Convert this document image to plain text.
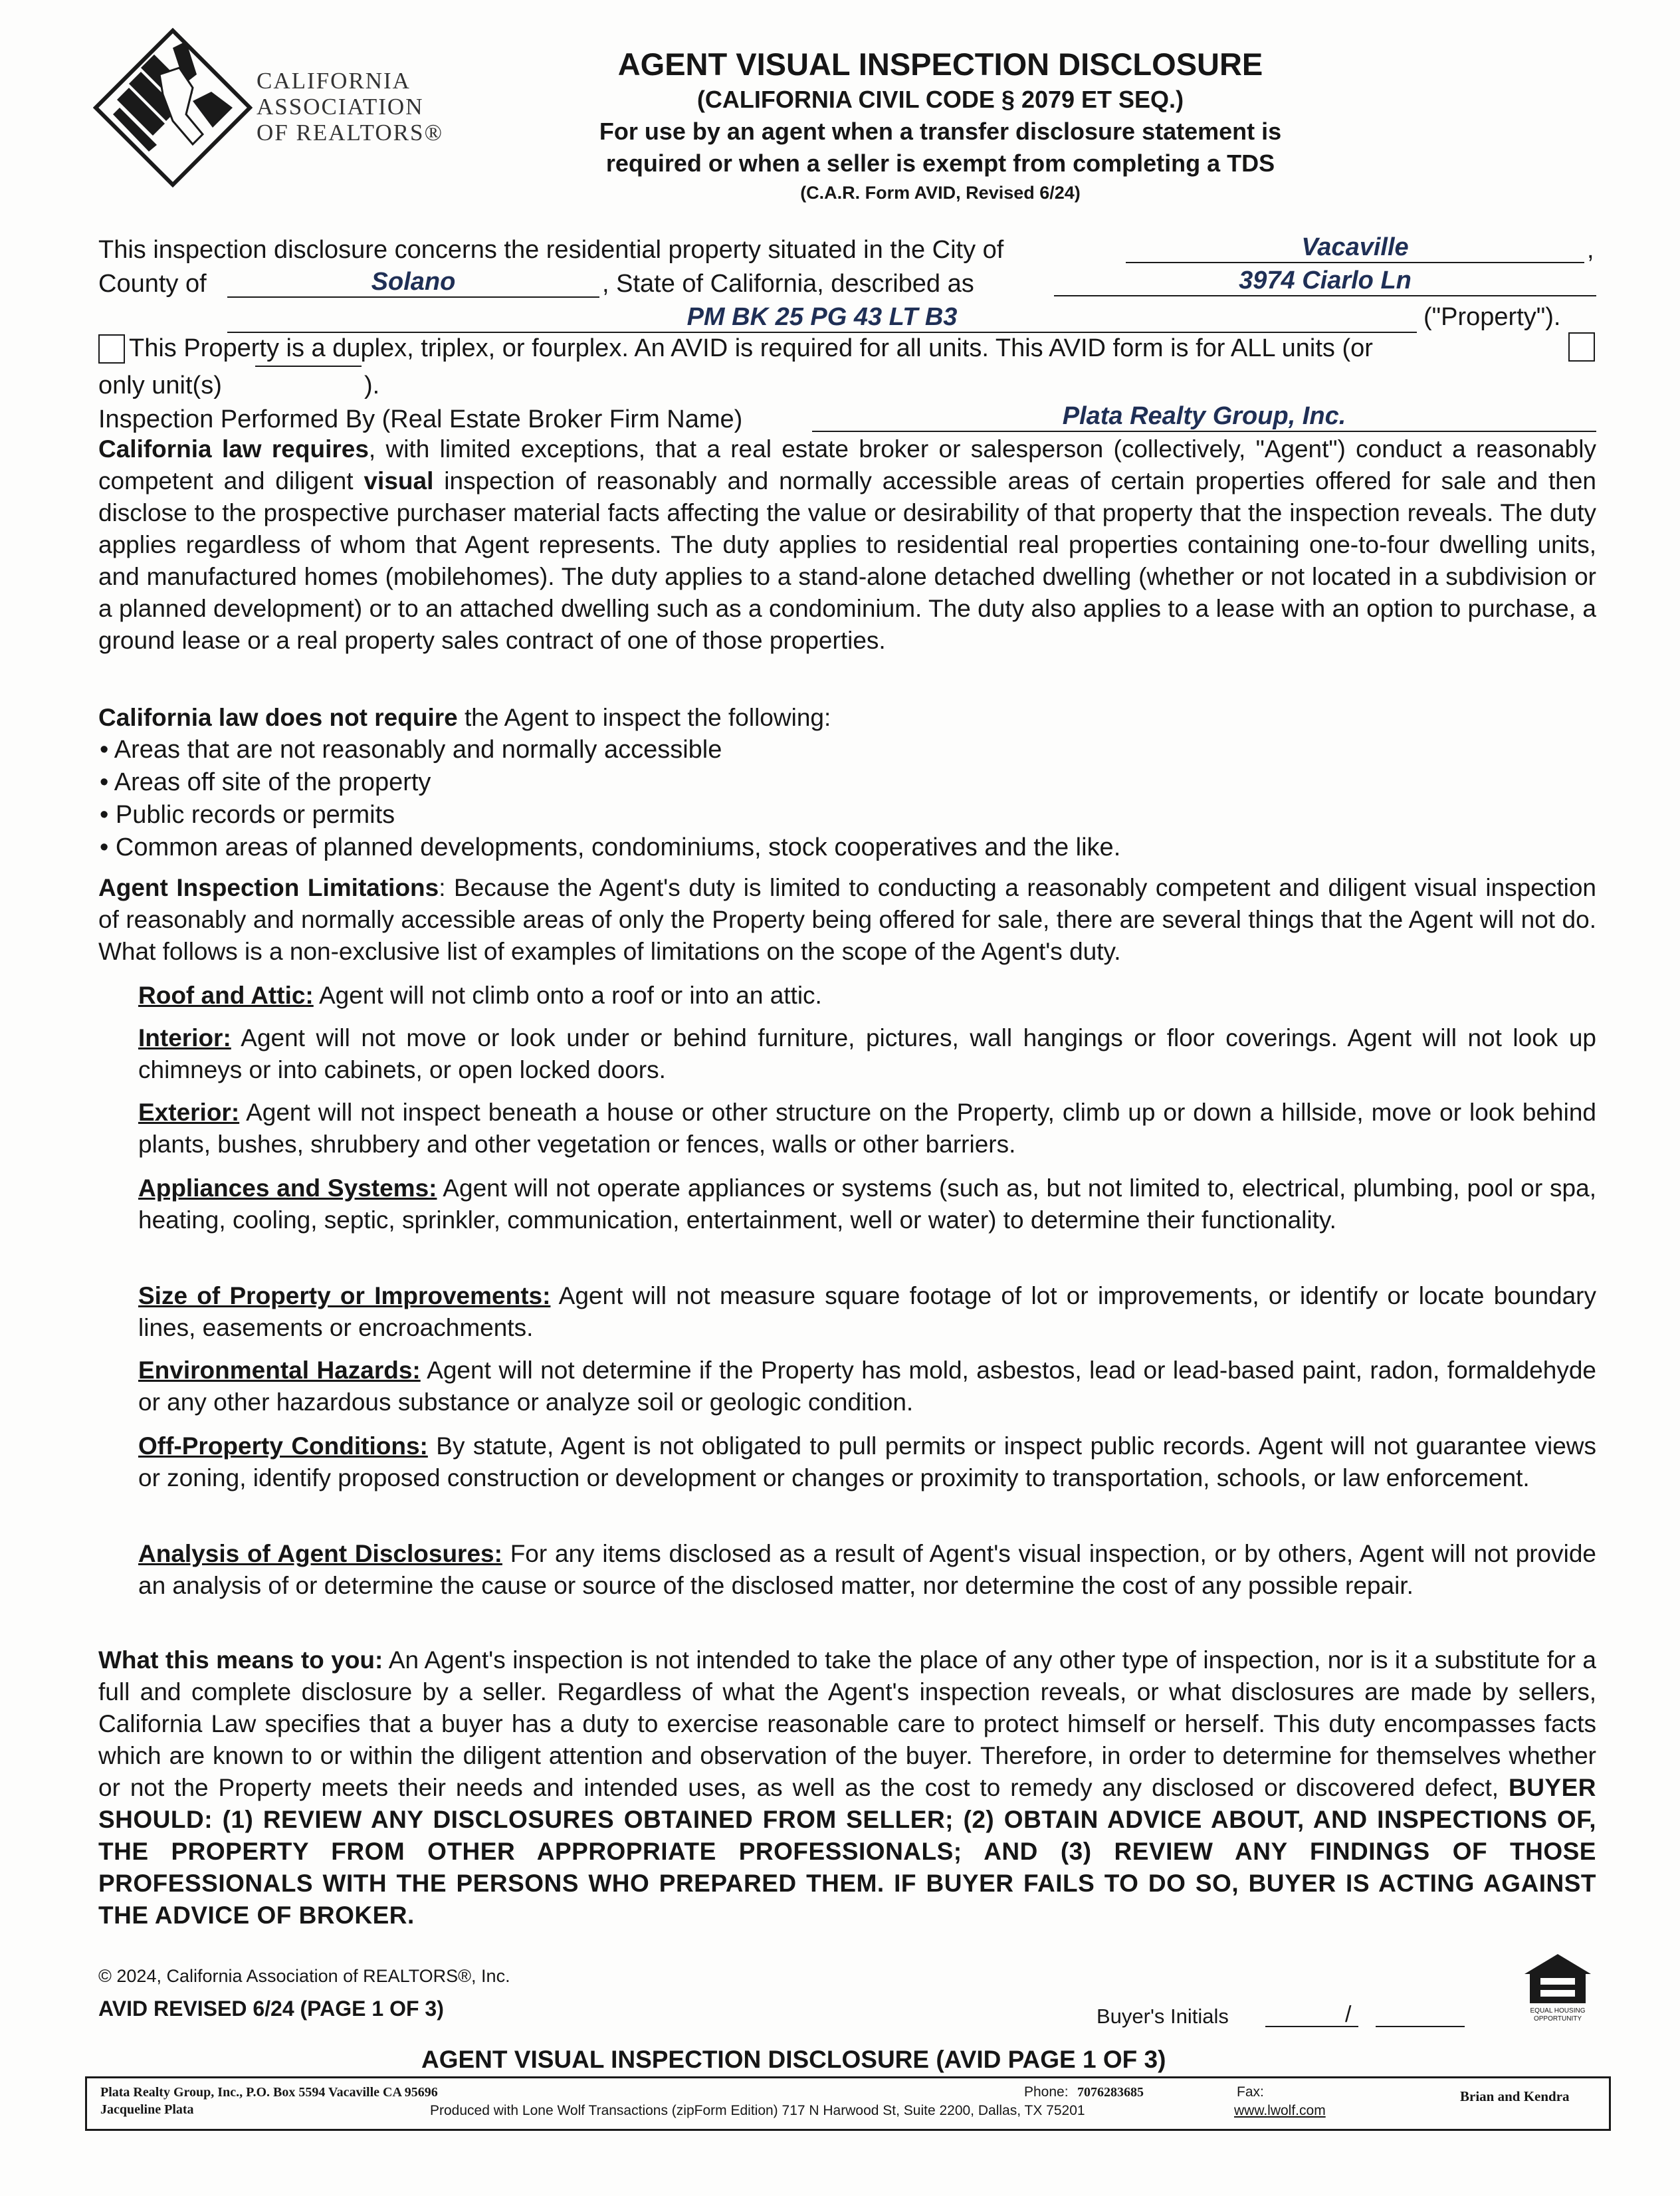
CALIFORNIA
ASSOCIATION
OF REALTORS®
AGENT VISUAL INSPECTION DISCLOSURE
(CALIFORNIA CIVIL CODE § 2079 ET SEQ.)
For use by an agent when a transfer disclosure statement is
required or when a seller is exempt from completing a TDS
(C.A.R. Form AVID, Revised 6/24)
This inspection disclosure concerns the residential property situated in the City of	Vacaville	,
County of	Solano	, State of California, described as	3974 Ciarlo Ln
PM BK 25 PG 43 LT B3	("Property").
This Property is a duplex, triplex, or fourplex. An AVID is required for all units. This AVID form is for ALL units (or
only unit(s)	).
Inspection Performed By (Real Estate Broker Firm Name)	Plata Realty Group, Inc.
California law requires, with limited exceptions, that a real estate broker or salesperson (collectively, "Agent") conduct a reasonably competent and diligent visual inspection of reasonably and normally accessible areas of certain properties offered for sale and then disclose to the prospective purchaser material facts affecting the value or desirability of that property that the inspection reveals. The duty applies regardless of whom that Agent represents. The duty applies to residential real properties containing one-to-four dwelling units, and manufactured homes (mobilehomes). The duty applies to a stand-alone detached dwelling (whether or not located in a subdivision or a planned development) or to an attached dwelling such as a condominium. The duty also applies to a lease with an option to purchase, a ground lease or a real property sales contract of one of those properties.
California law does not require the Agent to inspect the following:
• Areas that are not reasonably and normally accessible
• Areas off site of the property
• Public records or permits
• Common areas of planned developments, condominiums, stock cooperatives and the like.
Agent Inspection Limitations: Because the Agent's duty is limited to conducting a reasonably competent and diligent visual inspection of reasonably and normally accessible areas of only the Property being offered for sale, there are several things that the Agent will not do. What follows is a non-exclusive list of examples of limitations on the scope of the Agent's duty.
Roof and Attic: Agent will not climb onto a roof or into an attic.
Interior: Agent will not move or look under or behind furniture, pictures, wall hangings or floor coverings. Agent will not look up chimneys or into cabinets, or open locked doors.
Exterior: Agent will not inspect beneath a house or other structure on the Property, climb up or down a hillside, move or look behind plants, bushes, shrubbery and other vegetation or fences, walls or other barriers.
Appliances and Systems: Agent will not operate appliances or systems (such as, but not limited to, electrical, plumbing, pool or spa, heating, cooling, septic, sprinkler, communication, entertainment, well or water) to determine their functionality.
Size of Property or Improvements: Agent will not measure square footage of lot or improvements, or identify or locate boundary lines, easements or encroachments.
Environmental Hazards: Agent will not determine if the Property has mold, asbestos, lead or lead-based paint, radon, formaldehyde or any other hazardous substance or analyze soil or geologic condition.
Off-Property Conditions: By statute, Agent is not obligated to pull permits or inspect public records. Agent will not guarantee views or zoning, identify proposed construction or development or changes or proximity to transportation, schools, or law enforcement.
Analysis of Agent Disclosures: For any items disclosed as a result of Agent's visual inspection, or by others, Agent will not provide an analysis of or determine the cause or source of the disclosed matter, nor determine the cost of any possible repair.
What this means to you: An Agent's inspection is not intended to take the place of any other type of inspection, nor is it a substitute for a full and complete disclosure by a seller. Regardless of what the Agent's inspection reveals, or what disclosures are made by sellers, California Law specifies that a buyer has a duty to exercise reasonable care to protect himself or herself. This duty encompasses facts which are known to or within the diligent attention and observation of the buyer. Therefore, in order to determine for themselves whether or not the Property meets their needs and intended uses, as well as the cost to remedy any disclosed or discovered defect, BUYER SHOULD: (1) REVIEW ANY DISCLOSURES OBTAINED FROM SELLER; (2) OBTAIN ADVICE ABOUT, AND INSPECTIONS OF, THE PROPERTY FROM OTHER APPROPRIATE PROFESSIONALS; AND (3) REVIEW ANY FINDINGS OF THOSE PROFESSIONALS WITH THE PERSONS WHO PREPARED THEM. IF BUYER FAILS TO DO SO, BUYER IS ACTING AGAINST THE ADVICE OF BROKER.
© 2024, California Association of REALTORS®, Inc.
AVID REVISED 6/24 (PAGE 1 OF 3)	Buyer's Initials	/	EQUAL HOUSING
OPPORTUNITY
AGENT VISUAL INSPECTION DISCLOSURE (AVID PAGE 1 OF 3)
Plata Realty Group, Inc., P.O. Box 5594 Vacaville CA 95696
Jacqueline Plata
Phone: 7076283685	Fax:
Produced with Lone Wolf Transactions (zipForm Edition) 717 N Harwood St, Suite 2200, Dallas, TX 75201	www.lwolf.com
Brian and Kendra
